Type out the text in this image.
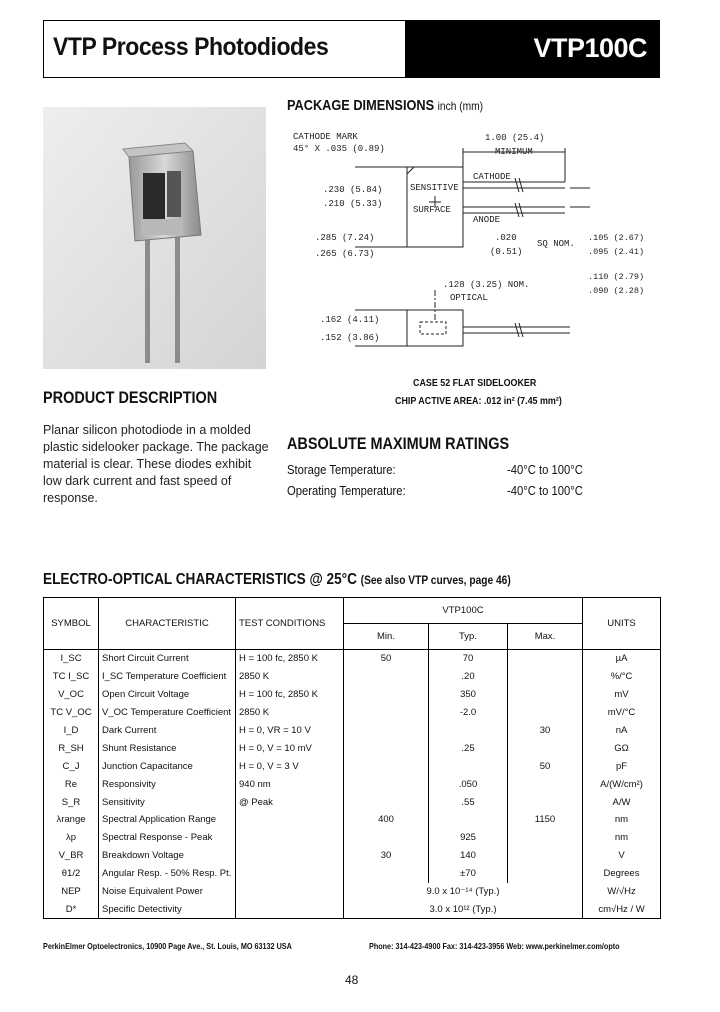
VTP Process Photodiodes	VTP100C
PACKAGE DIMENSIONS inch (mm)
CATHODE MARK
45° X .035 (0.89)
1.00 (25.4)
MINIMUM
CATHODE
ANODE
SENSITIVE
SURFACE
.230 (5.84)
.210 (5.33)
.285 (7.24)
.265 (6.73)
.020
(0.51)
SQ NOM.
.105 (2.67)
.095 (2.41)
.128 (3.25) NOM.
OPTICAL
.110 (2.79)
.090 (2.28)
.162 (4.11)
.152 (3.86)
CASE 52 FLAT SIDELOOKER
CHIP ACTIVE AREA: .012 in² (7.45 mm²)
PRODUCT DESCRIPTION
Planar silicon photodiode in a molded plastic sidelooker package. The package material is clear. These diodes exhibit low dark current and fast speed of response.
ABSOLUTE MAXIMUM RATINGS
Storage Temperature:	-40°C to 100°C
Operating Temperature:	-40°C to 100°C
ELECTRO-OPTICAL CHARACTERISTICS @ 25°C (See also VTP curves, page 46)
SYMBOL	CHARACTERISTIC	TEST CONDITIONS	VTP100C			UNITS
			Min.	Typ.	Max.	
I_SC	Short Circuit Current	H = 100 fc, 2850 K	50	70		µA
TC I_SC	I_SC Temperature Coefficient	2850 K		.20		%/°C
V_OC	Open Circuit Voltage	H = 100 fc, 2850 K		350		mV
TC V_OC	V_OC Temperature Coefficient	2850 K		-2.0		mV/°C
I_D	Dark Current	H = 0, VR = 10 V			30	nA
R_SH	Shunt Resistance	H = 0, V = 10 mV		.25		GΩ
C_J	Junction Capacitance	H = 0, V = 3 V			50	pF
Re	Responsivity	940 nm		.050		A/(W/cm²)
S_R	Sensitivity	@ Peak		.55		A/W
λrange	Spectral Application Range		400		1150	nm
λp	Spectral Response - Peak			925		nm
V_BR	Breakdown Voltage		30	140		V
θ1/2	Angular Resp. - 50% Resp. Pt.			±70		Degrees
NEP	Noise Equivalent Power		9.0 x 10⁻¹⁴ (Typ.)			W/√Hz
D*	Specific Detectivity		3.0 x 10¹² (Typ.)			cm√Hz / W
PerkinElmer Optoelectronics, 10900 Page Ave., St. Louis, MO 63132 USA	Phone: 314-423-4900 Fax: 314-423-3956 Web: www.perkinelmer.com/opto
48
